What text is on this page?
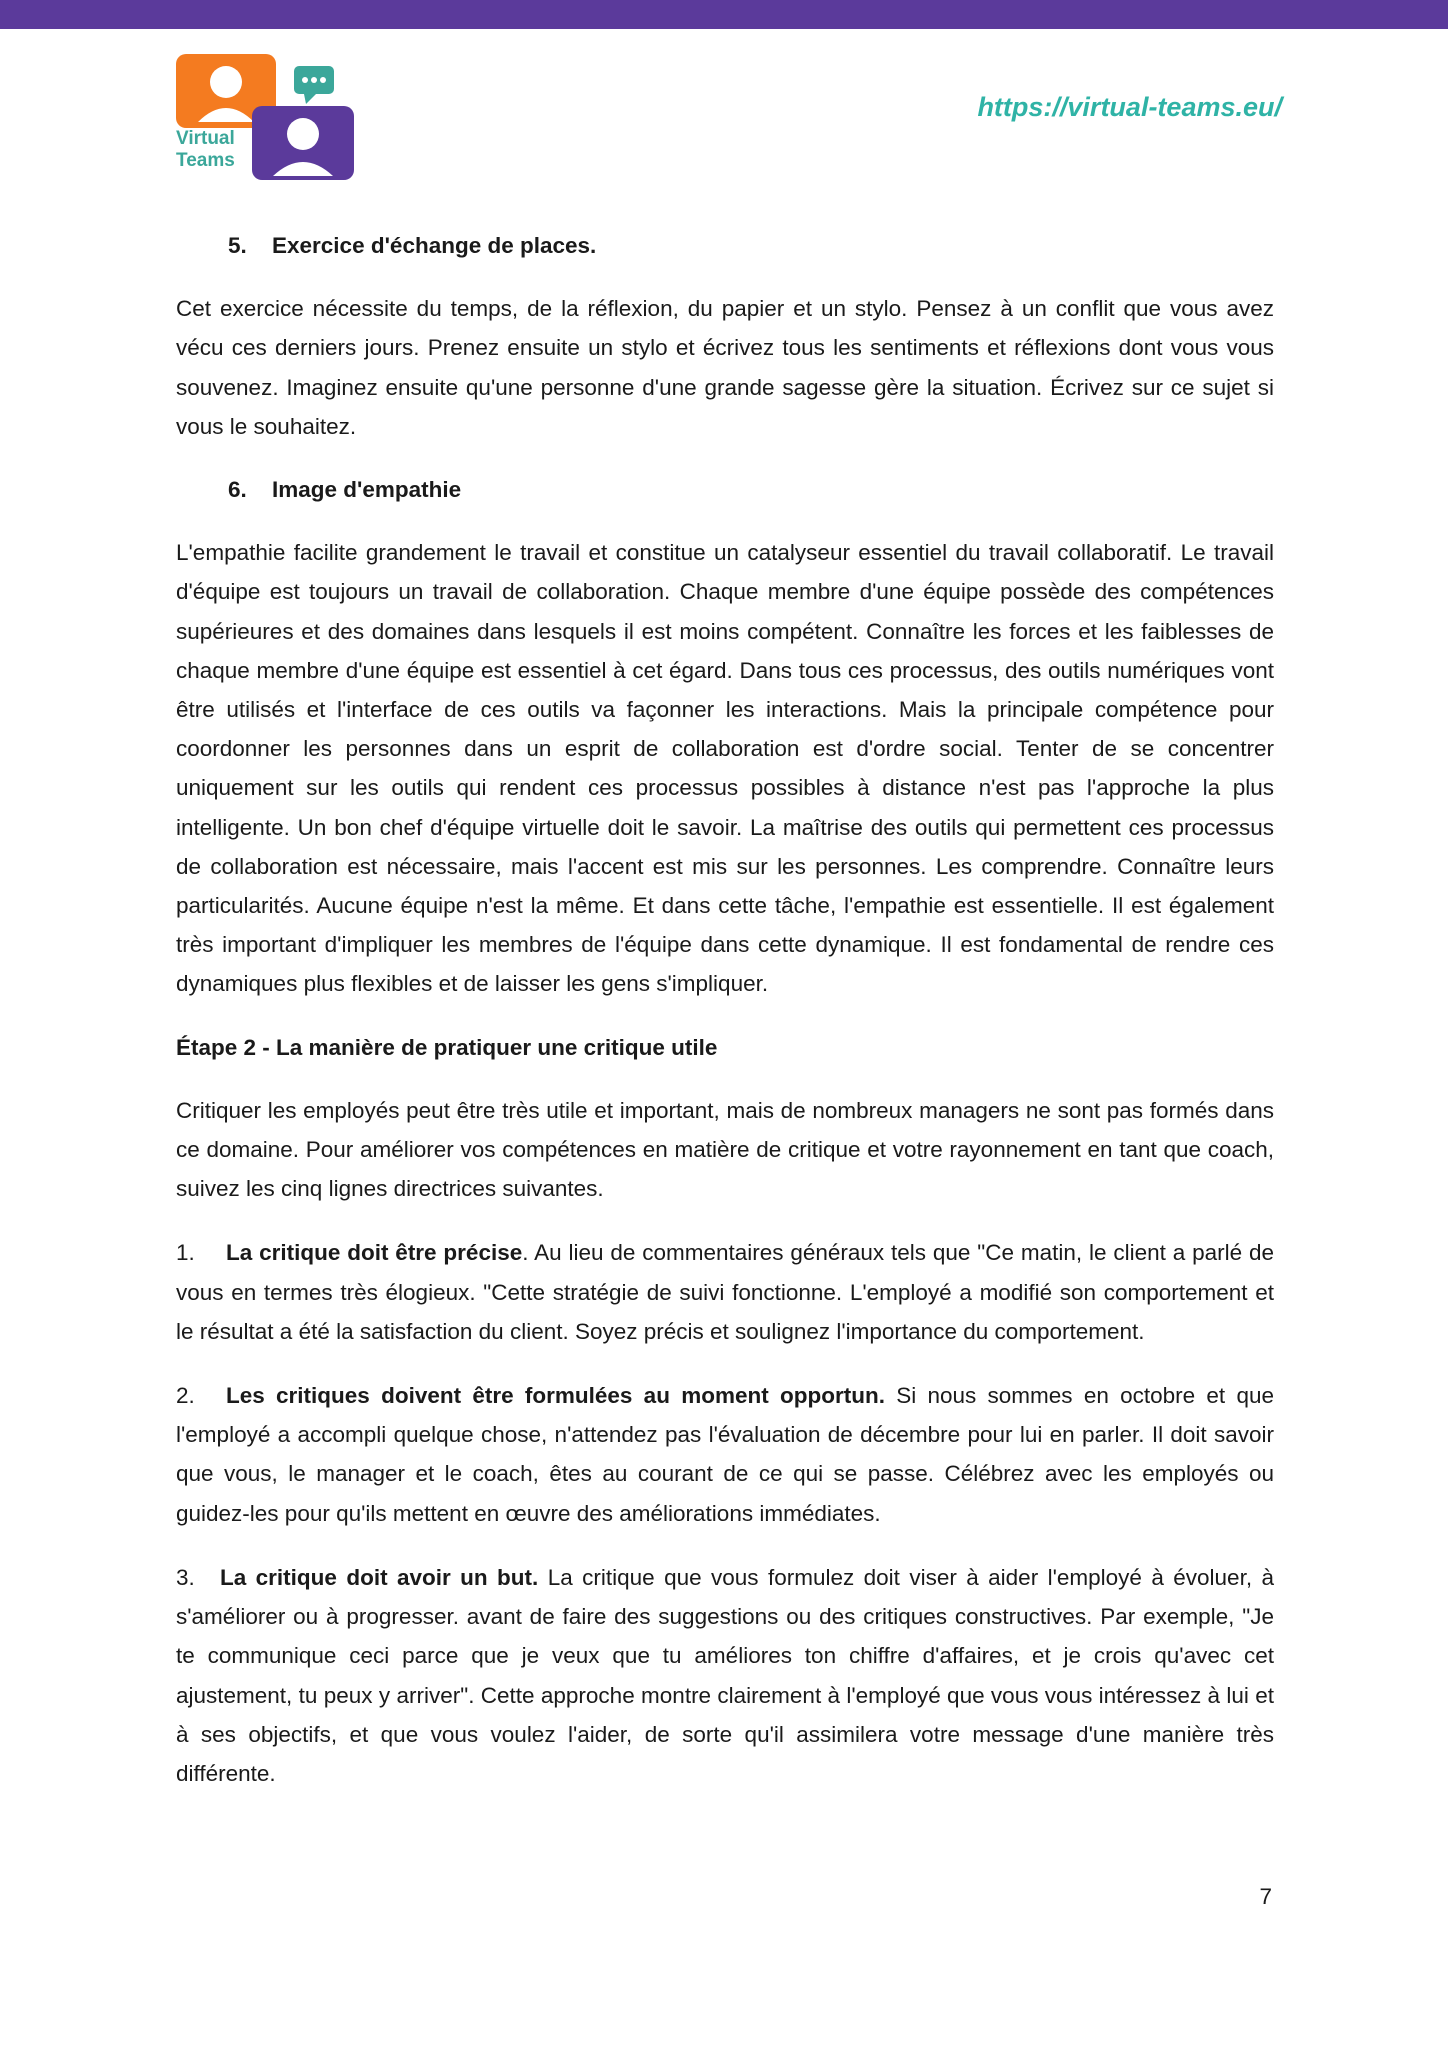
Virtual
Teams
https://virtual-teams.eu/

5. Exercice d'échange de places.

Cet exercice nécessite du temps, de la réflexion, du papier et un stylo. Pensez à un conflit que vous avez vécu ces derniers jours. Prenez ensuite un stylo et écrivez tous les sentiments et réflexions dont vous vous souvenez. Imaginez ensuite qu'une personne d'une grande sagesse gère la situation. Écrivez sur ce sujet si vous le souhaitez.

6. Image d'empathie

L'empathie facilite grandement le travail et constitue un catalyseur essentiel du travail collaboratif. Le travail d'équipe est toujours un travail de collaboration. Chaque membre d'une équipe possède des compétences supérieures et des domaines dans lesquels il est moins compétent. Connaître les forces et les faiblesses de chaque membre d'une équipe est essentiel à cet égard. Dans tous ces processus, des outils numériques vont être utilisés et l'interface de ces outils va façonner les interactions. Mais la principale compétence pour coordonner les personnes dans un esprit de collaboration est d'ordre social. Tenter de se concentrer uniquement sur les outils qui rendent ces processus possibles à distance n'est pas l'approche la plus intelligente. Un bon chef d'équipe virtuelle doit le savoir. La maîtrise des outils qui permettent ces processus de collaboration est nécessaire, mais l'accent est mis sur les personnes. Les comprendre. Connaître leurs particularités. Aucune équipe n'est la même. Et dans cette tâche, l'empathie est essentielle. Il est également très important d'impliquer les membres de l'équipe dans cette dynamique. Il est fondamental de rendre ces dynamiques plus flexibles et de laisser les gens s'impliquer.

Étape 2 - La manière de pratiquer une critique utile

Critiquer les employés peut être très utile et important, mais de nombreux managers ne sont pas formés dans ce domaine. Pour améliorer vos compétences en matière de critique et votre rayonnement en tant que coach, suivez les cinq lignes directrices suivantes.

1. La critique doit être précise. Au lieu de commentaires généraux tels que "Ce matin, le client a parlé de vous en termes très élogieux. "Cette stratégie de suivi fonctionne. L'employé a modifié son comportement et le résultat a été la satisfaction du client. Soyez précis et soulignez l'importance du comportement.

2. Les critiques doivent être formulées au moment opportun. Si nous sommes en octobre et que l'employé a accompli quelque chose, n'attendez pas l'évaluation de décembre pour lui en parler. Il doit savoir que vous, le manager et le coach, êtes au courant de ce qui se passe. Célébrez avec les employés ou guidez-les pour qu'ils mettent en œuvre des améliorations immédiates.

3. La critique doit avoir un but. La critique que vous formulez doit viser à aider l'employé à évoluer, à s'améliorer ou à progresser. avant de faire des suggestions ou des critiques constructives. Par exemple, "Je te communique ceci parce que je veux que tu améliores ton chiffre d'affaires, et je crois qu'avec cet ajustement, tu peux y arriver". Cette approche montre clairement à l'employé que vous vous intéressez à lui et à ses objectifs, et que vous voulez l'aider, de sorte qu'il assimilera votre message d'une manière très différente.

7
